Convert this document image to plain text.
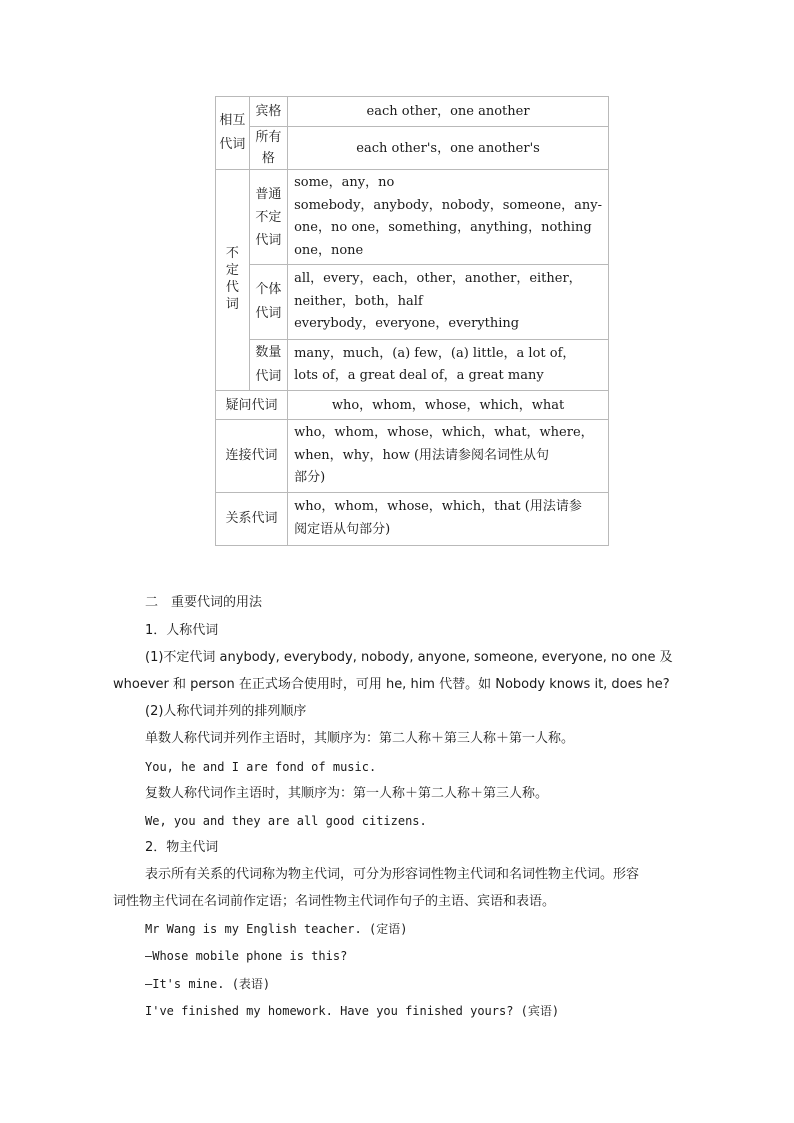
相互代词	宾格	each other，one another
	所有格	each other's，one another's
不定代词	普通不定代词	some，any，no
somebody，anybody，nobody，someone，any-
one，no one，something，anything，nothing
one，none

	个体代词	all，every，each，other，another，either，
neither，both，half
everybody，everyone，everything

	数量代词	many，much，(a) few，(a) little，a lot of，
lots of，a great deal of，a great many

疑问代词		who，whom，whose，which，what
连接代词		who，whom，whose，which，what，where，
when，why，how (用法请参阅名词性从句
部分)

关系代词		who，whom，whose，which，that (用法请参
阅定语从句部分)

二　重要代词的用法

1．人称代词

(1)不定代词 anybody, everybody, nobody, anyone, someone, everyone, no one 及

whoever 和 person 在正式场合使用时，可用 he, him 代替。如 Nobody knows it, does he?

(2)人称代词并列的排列顺序

单数人称代词并列作主语时，其顺序为：第二人称＋第三人称＋第一人称。

You, he and I are fond of music.

复数人称代词作主语时，其顺序为：第一人称＋第二人称＋第三人称。

We, you and they are all good citizens.

2．物主代词

表示所有关系的代词称为物主代词，可分为形容词性物主代词和名词性物主代词。形容

词性物主代词在名词前作定语；名词性物主代词作句子的主语、宾语和表语。

Mr Wang is my English teacher. (定语)

—Whose mobile phone is this?

—It's mine. (表语)

I've finished my homework. Have you finished yours? (宾语)
